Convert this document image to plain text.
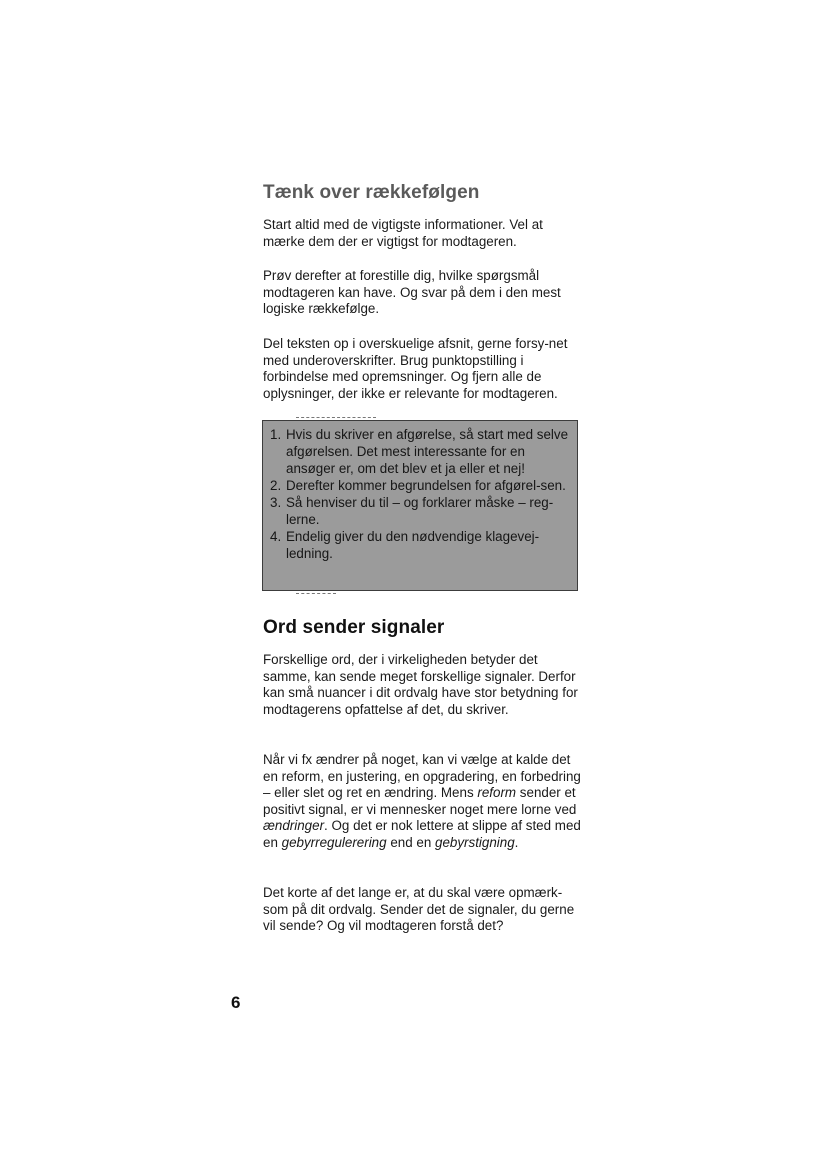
Tænk over rækkefølgen

Start altid med de vigtigste informationer. Vel at mærke dem der er vigtigst for modtageren.

Prøv derefter at forestille dig, hvilke spørgsmål modtageren kan have. Og svar på dem i den mest logiske rækkefølge.

Del teksten op i overskuelige afsnit, gerne forsy-net med underoverskrifter. Brug punktopstilling i forbindelse med opremsninger. Og fjern alle de oplysninger, der ikke er relevante for modtageren.

1. Hvis du skriver en afgørelse, så start med selve afgørelsen. Det mest interessante for en ansøger er, om det blev et ja eller et nej!
2. Derefter kommer begrundelsen for afgørel-sen.
3. Så henviser du til – og forklarer måske – reg-lerne.
4. Endelig giver du den nødvendige klagevej-ledning.
Ord sender signaler

Forskellige ord, der i virkeligheden betyder det samme, kan sende meget forskellige signaler. Derfor kan små nuancer i dit ordvalg have stor betydning for modtagerens opfattelse af det, du skriver.

Når vi fx ændrer på noget, kan vi vælge at kalde det en reform, en justering, en opgradering, en forbedring – eller slet og ret en ændring. Mens reform sender et positivt signal, er vi mennesker noget mere lorne ved ændringer. Og det er nok lettere at slippe af sted med en gebyrregulerering end en gebyrstigning.

Det korte af det lange er, at du skal være opmærk-som på dit ordvalg. Sender det de signaler, du gerne vil sende? Og vil modtageren forstå det?

6
